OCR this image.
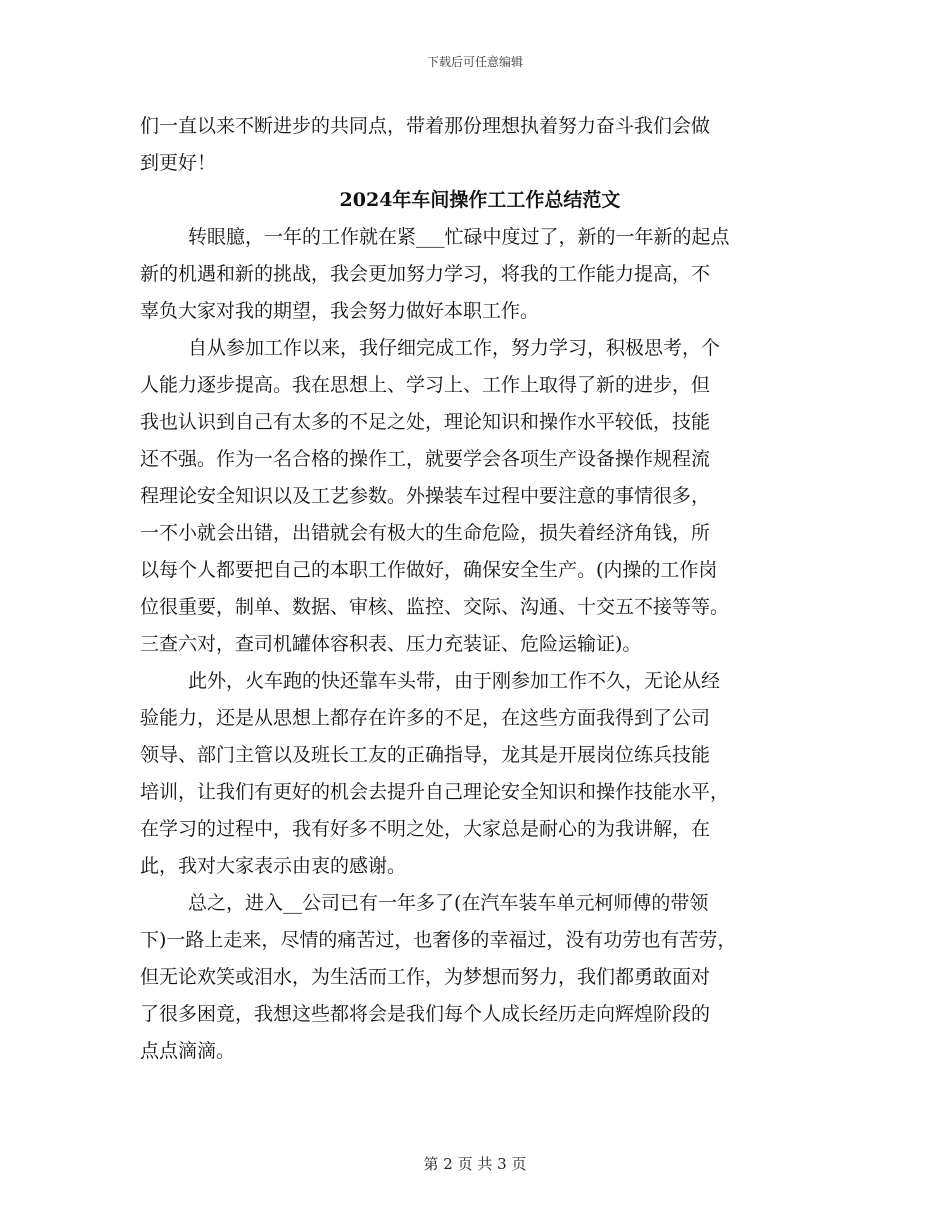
下载后可任意编辑
们一直以来不断进步的共同点，带着那份理想执着努力奋斗我们会做
到更好！
2024年车间操作工工作总结范文
转眼臆，一年的工作就在紧___忙碌中度过了，新的一年新的起点
新的机遇和新的挑战，我会更加努力学习，将我的工作能力提高，不
辜负大家对我的期望，我会努力做好本职工作。
自从参加工作以来，我仔细完成工作，努力学习，积极思考，个
人能力逐步提高。我在思想上、学习上、工作上取得了新的进步，但
我也认识到自己有太多的不足之处，理论知识和操作水平较低，技能
还不强。作为一名合格的操作工，就要学会各项生产设备操作规程流
程理论安全知识以及工艺参数。外操装车过程中要注意的事情很多，
一不小就会出错，出错就会有极大的生命危险，损失着经济角钱，所
以每个人都要把自己的本职工作做好，确保安全生产。(内操的工作岗
位很重要，制单、数据、审核、监控、交际、沟通、十交五不接等等。
三查六对，查司机罐体容积表、压力充装证、危险运输证)。
此外，火车跑的快还靠车头带，由于刚参加工作不久，无论从经
验能力，还是从思想上都存在许多的不足，在这些方面我得到了公司
领导、部门主管以及班长工友的正确指导，龙其是开展岗位练兵技能
培训，让我们有更好的机会去提升自己理论安全知识和操作技能水平，
在学习的过程中，我有好多不明之处，大家总是耐心的为我讲解，在
此，我对大家表示由衷的感谢。
总之，进入__公司已有一年多了(在汽车装车单元柯师傅的带领
下)一路上走来，尽情的痛苦过，也奢侈的幸福过，没有功劳也有苦劳，
但无论欢笑或泪水，为生活而工作，为梦想而努力，我们都勇敢面对
了很多困竟，我想这些都将会是我们每个人成长经历走向辉煌阶段的
点点滴滴。
第 2 页 共 3 页
